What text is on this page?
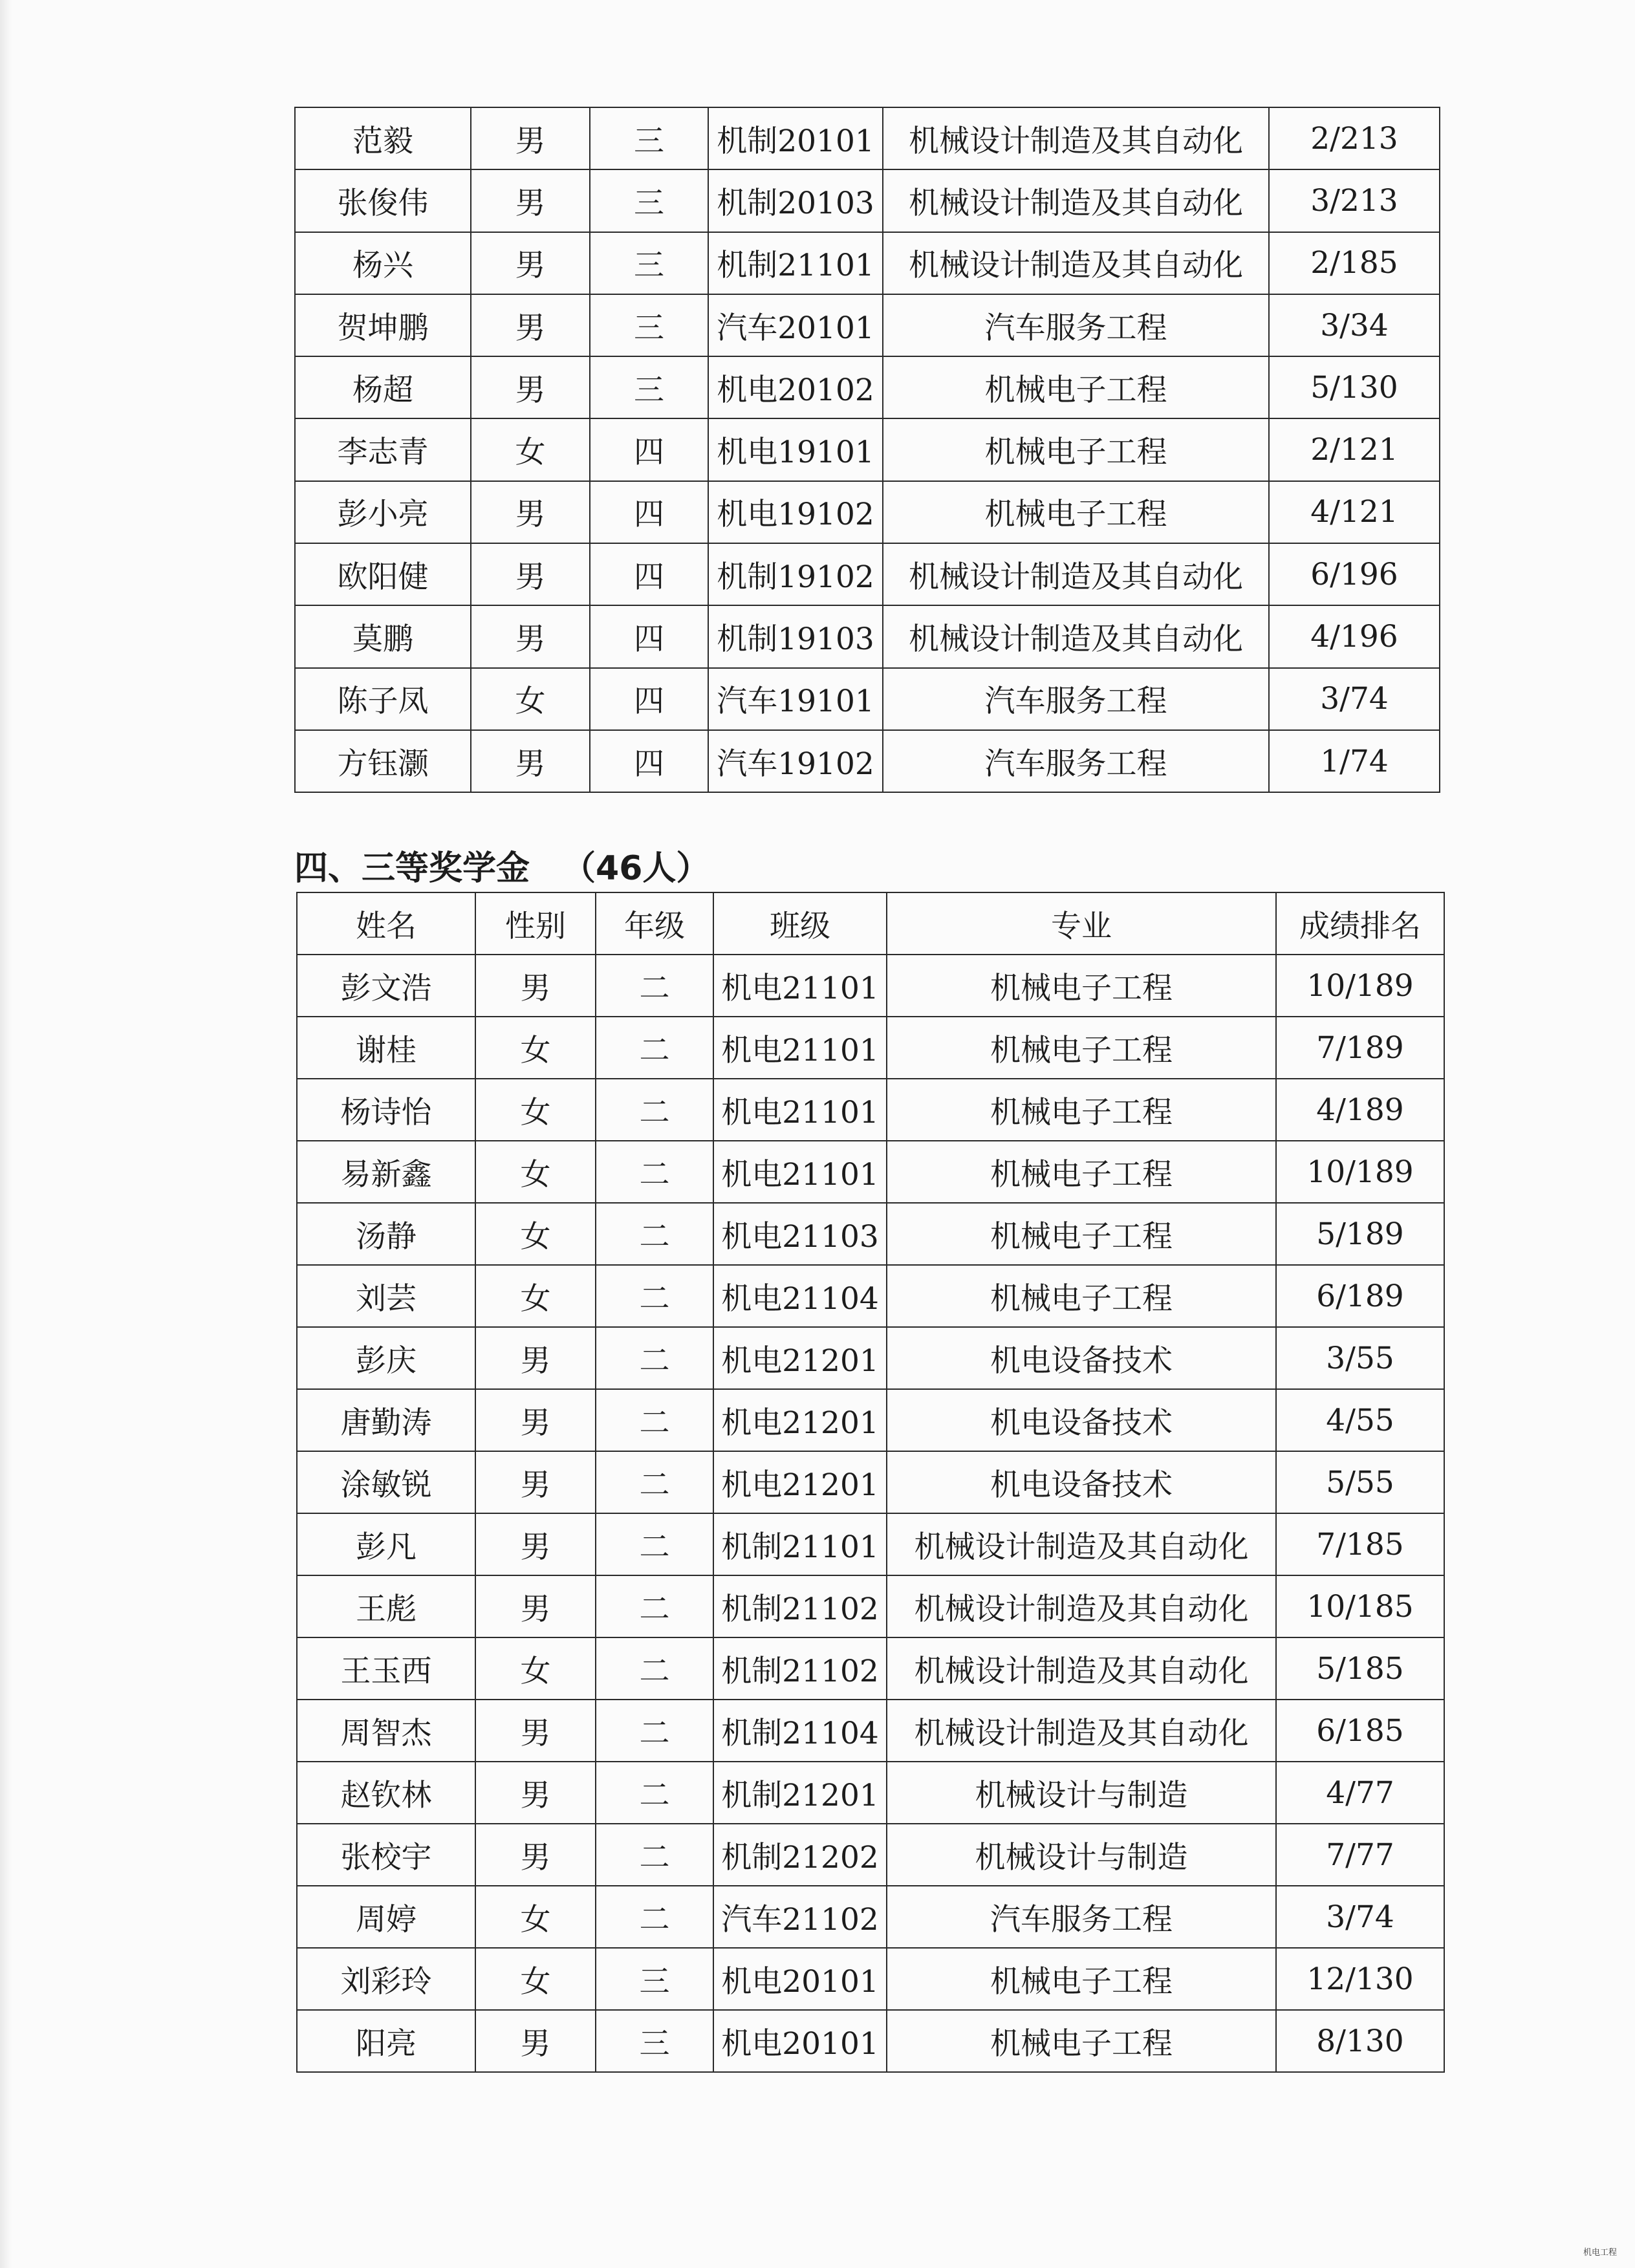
范毅	男	三	机制20101	机械设计制造及其自动化	2/213
张俊伟	男	三	机制20103	机械设计制造及其自动化	3/213
杨兴	男	三	机制21101	机械设计制造及其自动化	2/185
贺坤鹏	男	三	汽车20101	汽车服务工程	3/34
杨超	男	三	机电20102	机械电子工程	5/130
李志青	女	四	机电19101	机械电子工程	2/121
彭小亮	男	四	机电19102	机械电子工程	4/121
欧阳健	男	四	机制19102	机械设计制造及其自动化	6/196
莫鹏	男	四	机制19103	机械设计制造及其自动化	4/196
陈子凤	女	四	汽车19101	汽车服务工程	3/74
方钰灏	男	四	汽车19102	汽车服务工程	1/74
四、三等奖学金 （46人）
姓名	性别	年级	班级	专业	成绩排名
彭文浩	男	二	机电21101	机械电子工程	10/189
谢桂	女	二	机电21101	机械电子工程	7/189
杨诗怡	女	二	机电21101	机械电子工程	4/189
易新鑫	女	二	机电21101	机械电子工程	10/189
汤静	女	二	机电21103	机械电子工程	5/189
刘芸	女	二	机电21104	机械电子工程	6/189
彭庆	男	二	机电21201	机电设备技术	3/55
唐勤涛	男	二	机电21201	机电设备技术	4/55
涂敏锐	男	二	机电21201	机电设备技术	5/55
彭凡	男	二	机制21101	机械设计制造及其自动化	7/185
王彪	男	二	机制21102	机械设计制造及其自动化	10/185
王玉西	女	二	机制21102	机械设计制造及其自动化	5/185
周智杰	男	二	机制21104	机械设计制造及其自动化	6/185
赵钦林	男	二	机制21201	机械设计与制造	4/77
张校宇	男	二	机制21202	机械设计与制造	7/77
周婷	女	二	汽车21102	汽车服务工程	3/74
刘彩玲	女	三	机电20101	机械电子工程	12/130
阳亮	男	三	机电20101	机械电子工程	8/130
机电工程
